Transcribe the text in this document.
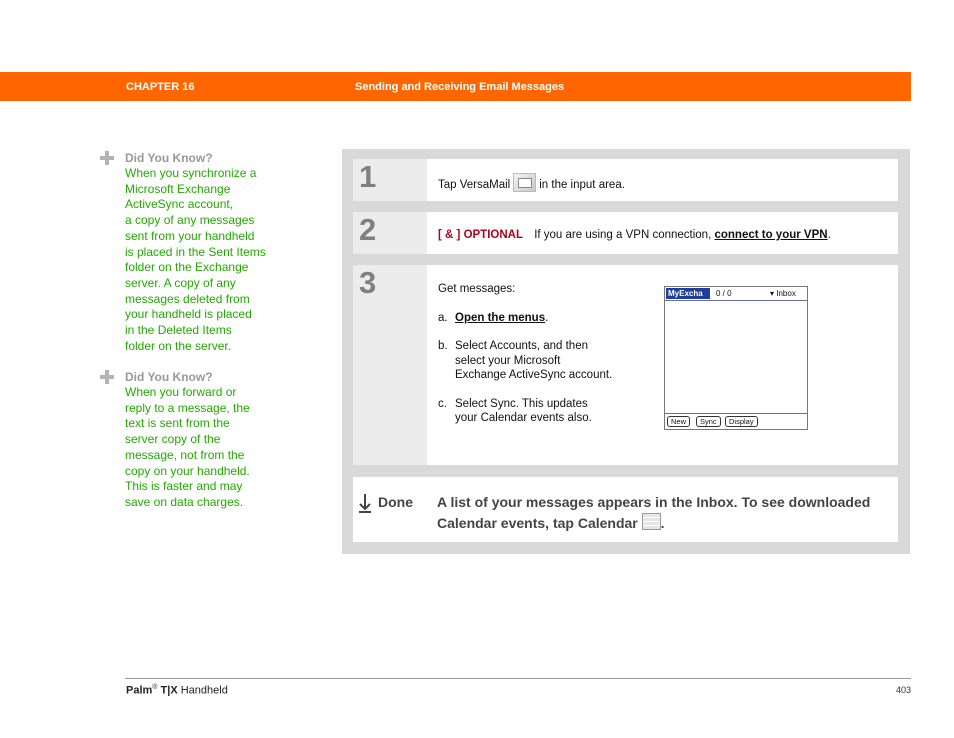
CHAPTER 16	Sending and Receiving Email Messages
Did You Know?
When you synchronize a
Microsoft Exchange
ActiveSync account,
a copy of any messages
sent from your handheld
is placed in the Sent Items
folder on the Exchange
server. A copy of any
messages deleted from
your handheld is placed
in the Deleted Items
folder on the server.
Did You Know?
When you forward or
reply to a message, the
text is sent from the
server copy of the
message, not from the
copy on your handheld.
This is faster and may
save on data charges.
1	Tap VersaMail	in the input area.
2	[ & ] OPTIONAL If you are using a VPN connection, connect to your VPN.
3	Get messages:
a. Open the menus.
b. Select Accounts, and then select your Microsoft Exchange ActiveSync account.
c. Select Sync. This updates your Calendar events also.
MyExcha	0 / 0	▾ Inbox
New	Sync	Display
Done A list of your messages appears in the Inbox. To see downloaded Calendar events, tap Calendar .
Palm® T|X Handheld	403
